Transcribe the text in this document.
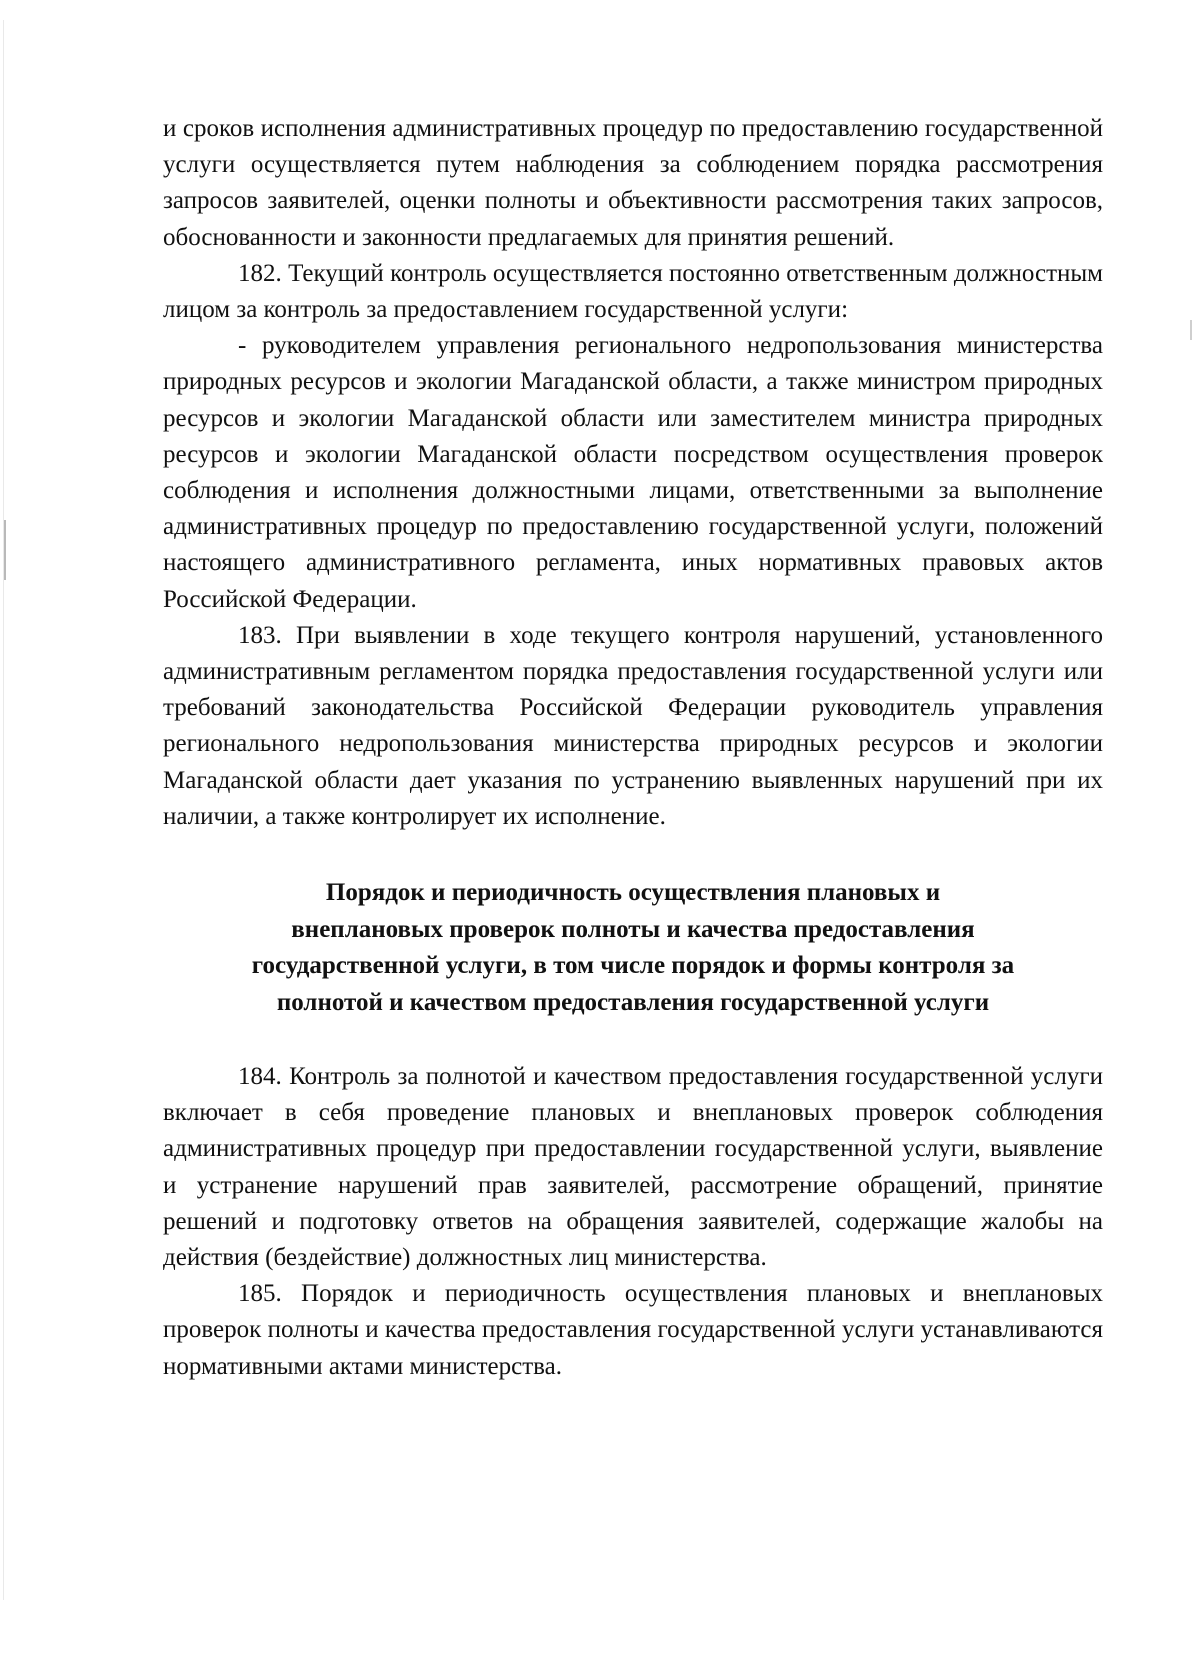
и сроков исполнения административных процедур по предоставлению государственной услуги осуществляется путем наблюдения за соблюдением порядка рассмотрения запросов заявителей, оценки полноты и объективности рассмотрения таких запросов, обоснованности и законности предлагаемых для принятия решений.

182. Текущий контроль осуществляется постоянно ответственным должностным лицом за контроль за предоставлением государственной услуги:

- руководителем управления регионального недропользования министерства природных ресурсов и экологии Магаданской области, а также министром природных ресурсов и экологии Магаданской области или заместителем министра природных ресурсов и экологии Магаданской области посредством осуществления проверок соблюдения и исполнения должностными лицами, ответственными за выполнение административных процедур по предоставлению государственной услуги, положений настоящего административного регламента, иных нормативных правовых актов Российской Федерации.

183. При выявлении в ходе текущего контроля нарушений, установленного административным регламентом порядка предоставления государственной услуги или требований законодательства Российской Федерации руководитель управления регионального недропользования министерства природных ресурсов и экологии Магаданской области дает указания по устранению выявленных нарушений при их наличии, а также контролирует их исполнение.

Порядок и периодичность осуществления плановых и
внеплановых проверок полноты и качества предоставления
государственной услуги, в том числе порядок и формы контроля за
полнотой и качеством предоставления государственной услуги

184. Контроль за полнотой и качеством предоставления государственной услуги включает в себя проведение плановых и внеплановых проверок соблюдения административных процедур при предоставлении государственной услуги, выявление и устранение нарушений прав заявителей, рассмотрение обращений, принятие решений и подготовку ответов на обращения заявителей, содержащие жалобы на действия (бездействие) должностных лиц министерства.

185. Порядок и периодичность осуществления плановых и внеплановых проверок полноты и качества предоставления государственной услуги устанавливаются нормативными актами министерства.
